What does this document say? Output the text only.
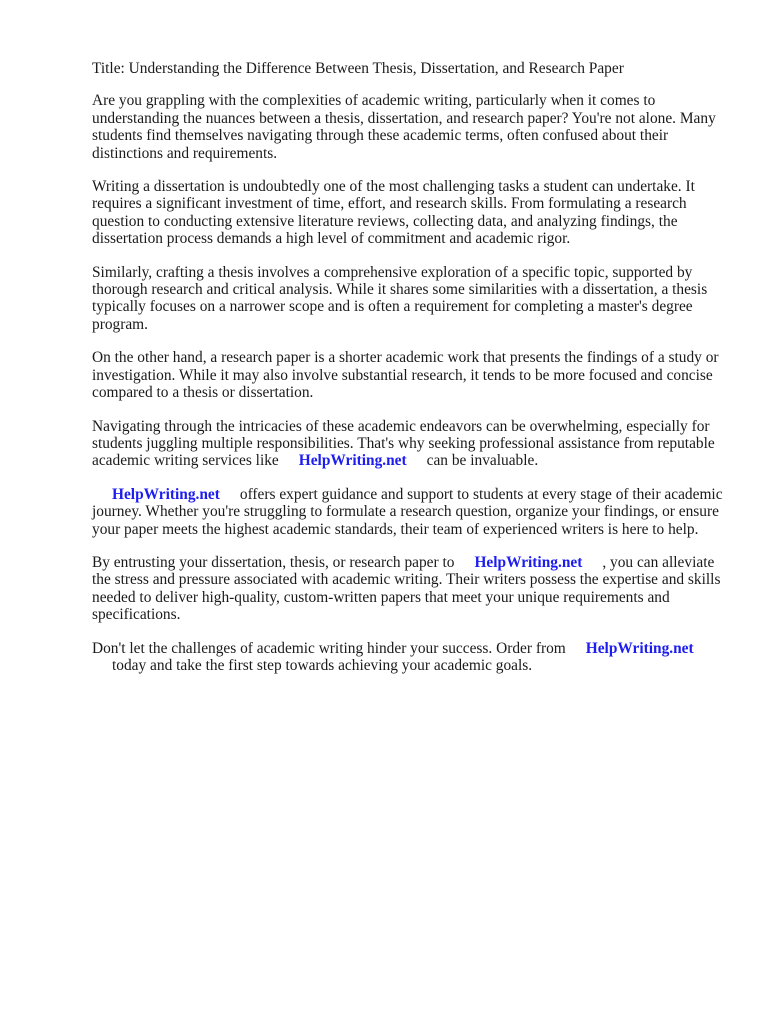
Title: Understanding the Difference Between Thesis, Dissertation, and Research Paper

Are you grappling with the complexities of academic writing, particularly when it comes to understanding the nuances between a thesis, dissertation, and research paper? You're not alone. Many students find themselves navigating through these academic terms, often confused about their distinctions and requirements.

Writing a dissertation is undoubtedly one of the most challenging tasks a student can undertake. It requires a significant investment of time, effort, and research skills. From formulating a research question to conducting extensive literature reviews, collecting data, and analyzing findings, the dissertation process demands a high level of commitment and academic rigor.

Similarly, crafting a thesis involves a comprehensive exploration of a specific topic, supported by thorough research and critical analysis. While it shares some similarities with a dissertation, a thesis typically focuses on a narrower scope and is often a requirement for completing a master's degree program.

On the other hand, a research paper is a shorter academic work that presents the findings of a study or investigation. While it may also involve substantial research, it tends to be more focused and concise compared to a thesis or dissertation.

Navigating through the intricacies of these academic endeavors can be overwhelming, especially for students juggling multiple responsibilities. That's why seeking professional assistance from reputable academic writing services like HelpWriting.net can be invaluable.

HelpWriting.net offers expert guidance and support to students at every stage of their academic journey. Whether you're struggling to formulate a research question, organize your findings, or ensure your paper meets the highest academic standards, their team of experienced writers is here to help.

By entrusting your dissertation, thesis, or research paper to HelpWriting.net , you can alleviate the stress and pressure associated with academic writing. Their writers possess the expertise and skills needed to deliver high-quality, custom-written papers that meet your unique requirements and specifications.

Don't let the challenges of academic writing hinder your success. Order from HelpWriting.net
today and take the first step towards achieving your academic goals.
